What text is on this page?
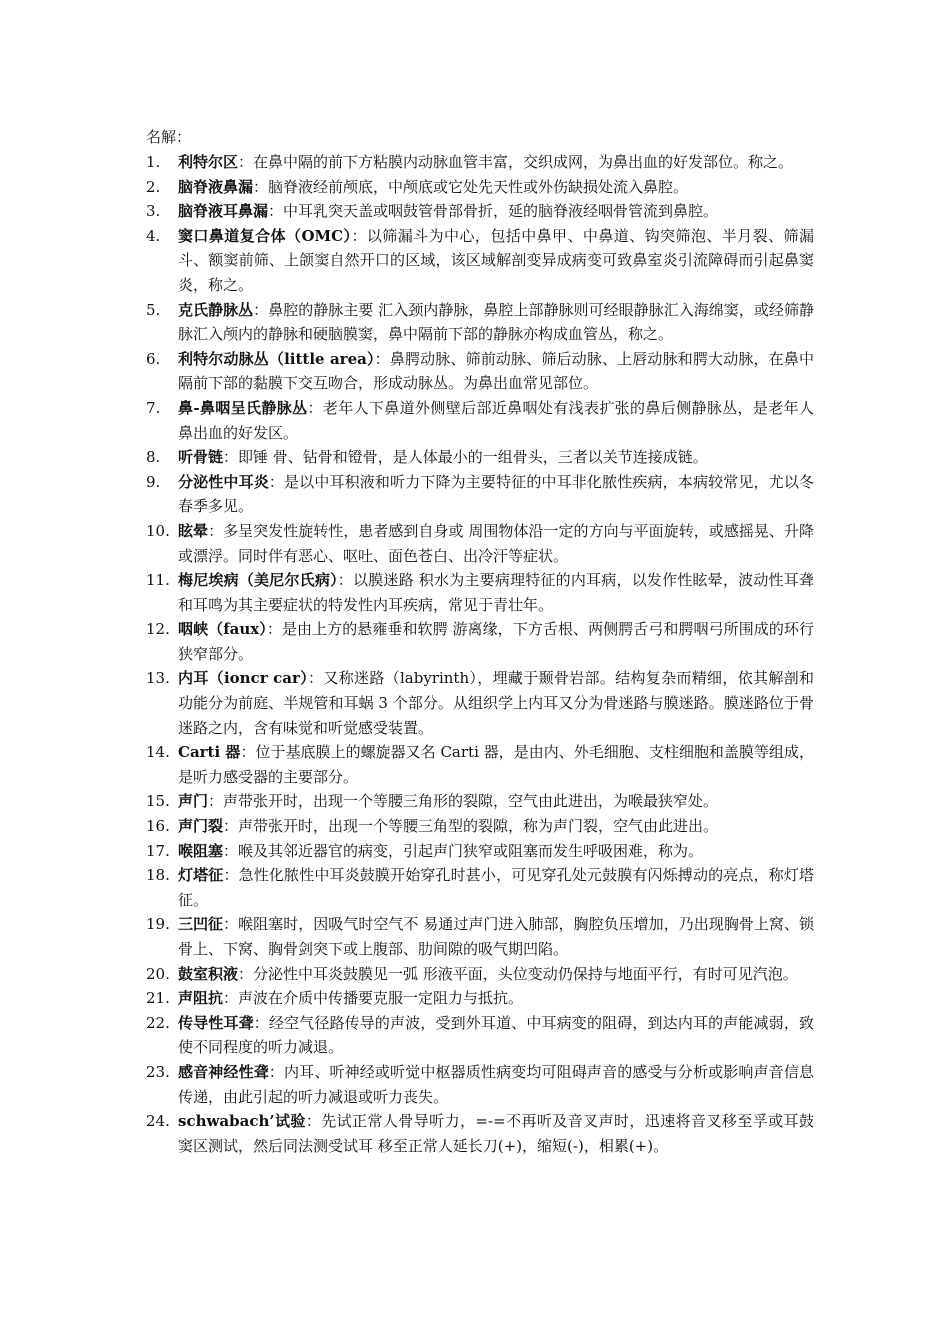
名解：
1.	利特尔区：在鼻中隔的前下方粘膜内动脉血管丰富，交织成网，为鼻出血的好发部位。称之。
2.	脑脊液鼻漏：脑脊液经前颅底，中颅底或它处先天性或外伤缺损处流入鼻腔。
3.	脑脊液耳鼻漏：中耳乳突天盖或咽鼓管骨部骨折，延的脑脊液经咽骨管流到鼻腔。
4.	窦口鼻道复合体（OMC）：以筛漏斗为中心，包括中鼻甲、中鼻道、钩突筛泡、半月裂、筛漏斗、额窦前筛、上颌窦自然开口的区域，该区域解剖变异成病变可致鼻室炎引流障碍而引起鼻窦炎，称之。
5.	克氏静脉丛：鼻腔的静脉主要 汇入颈内静脉，鼻腔上部静脉则可经眼静脉汇入海绵窦，或经筛静脉汇入颅内的静脉和硬脑膜窦，鼻中隔前下部的静脉亦构成血管丛，称之。
6.	利特尔动脉丛（little area）：鼻腭动脉、筛前动脉、筛后动脉、上唇动脉和腭大动脉，在鼻中隔前下部的黏膜下交互吻合，形成动脉丛。为鼻出血常见部位。
7.	鼻-鼻咽呈氏静脉丛：老年人下鼻道外侧壁后部近鼻咽处有浅表扩张的鼻后侧静脉丛，是老年人鼻出血的好发区。
8.	听骨链：即锤 骨、钻骨和镫骨，是人体最小的一组骨头，三者以关节连接成链。
9.	分泌性中耳炎：是以中耳积液和听力下降为主要特征的中耳非化脓性疾病，本病较常见，尤以冬春季多见。
10. 眩晕：多呈突发性旋转性，患者感到自身或 周围物体沿一定的方向与平面旋转，或感摇晃、升降或漂浮。同时伴有恶心、呕吐、面色苍白、出冷汗等症状。
11. 梅尼埃病（美尼尔氏病）：以膜迷路 积水为主要病理特征的内耳病，以发作性眩晕，波动性耳聋和耳鸣为其主要症状的特发性内耳疾病，常见于青壮年。
12. 咽峡（faux）：是由上方的悬雍垂和软腭 游离缘，下方舌根、两侧腭舌弓和腭咽弓所围成的环行狭窄部分。
13. 内耳（ioncr car）：又称迷路（labyrinth），埋藏于颞骨岩部。结构复杂而精细，依其解剖和功能分为前庭、半规管和耳蜗 3 个部分。从组织学上内耳又分为骨迷路与膜迷路。膜迷路位于骨迷路之内，含有味觉和听觉感受装置。
14. Carti 器：位于基底膜上的螺旋器又名 Carti 器，是由内、外毛细胞、支柱细胞和盖膜等组成，是听力感受器的主要部分。
15. 声门：声带张开时，出现一个等腰三角形的裂隙，空气由此进出，为喉最狭窄处。
16. 声门裂：声带张开时，出现一个等腰三角型的裂隙，称为声门裂，空气由此进出。
17. 喉阻塞：喉及其邻近器官的病变，引起声门狭窄或阻塞而发生呼吸困难，称为。
18. 灯塔征：急性化脓性中耳炎鼓膜开始穿孔时甚小，可见穿孔处元鼓膜有闪烁搏动的亮点，称灯塔征。
19. 三凹征：喉阻塞时，因吸气时空气不 易通过声门进入肺部，胸腔负压增加，乃出现胸骨上窝、锁骨上、下窝、胸骨剑突下或上腹部、肋间隙的吸气期凹陷。
20. 鼓室积液：分泌性中耳炎鼓膜见一弧 形液平面，头位变动仍保持与地面平行，有时可见汽泡。
21. 声阻抗：声波在介质中传播要克服一定阻力与抵抗。
22. 传导性耳聋：经空气径路传导的声波，受到外耳道、中耳病变的阻碍，到达内耳的声能减弱，致使不同程度的听力减退。
23. 感音神经性聋：内耳、听神经或听觉中枢器质性病变均可阻碍声音的感受与分析或影响声音信息传递，由此引起的听力减退或听力丧失。
24. schwabach’试验：先试正常人骨导听力，=-=不再听及音叉声时，迅速将音叉移至孚或耳鼓窦区测试，然后同法测受试耳 移至正常人延长刀(+)，缩短(-)，相累(+)。
